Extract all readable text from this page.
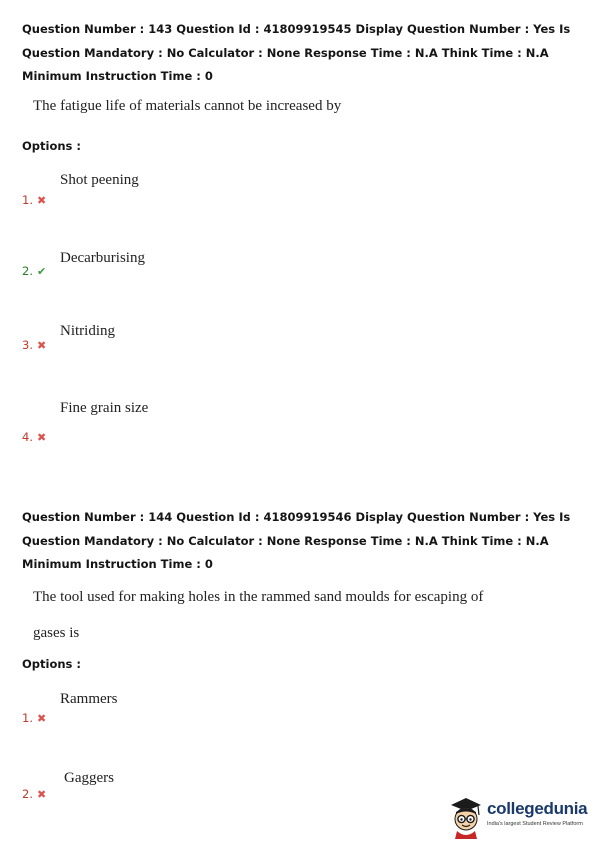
Question Number : 143 Question Id : 41809919545 Display Question Number : Yes Is Question Mandatory : No Calculator : None Response Time : N.A Think Time : N.A Minimum Instruction Time : 0
The fatigue life of materials cannot be increased by
Options :
Shot peening
1. ✖
Decarburising
2. ✔
Nitriding
3. ✖
Fine grain size
4. ✖
Question Number : 144 Question Id : 41809919546 Display Question Number : Yes Is Question Mandatory : No Calculator : None Response Time : N.A Think Time : N.A Minimum Instruction Time : 0
The tool used for making holes in the rammed sand moulds for escaping of
gases is
Options :
Rammers
1. ✖
Gaggers
2. ✖
collegedunia
India's largest Student Review Platform
